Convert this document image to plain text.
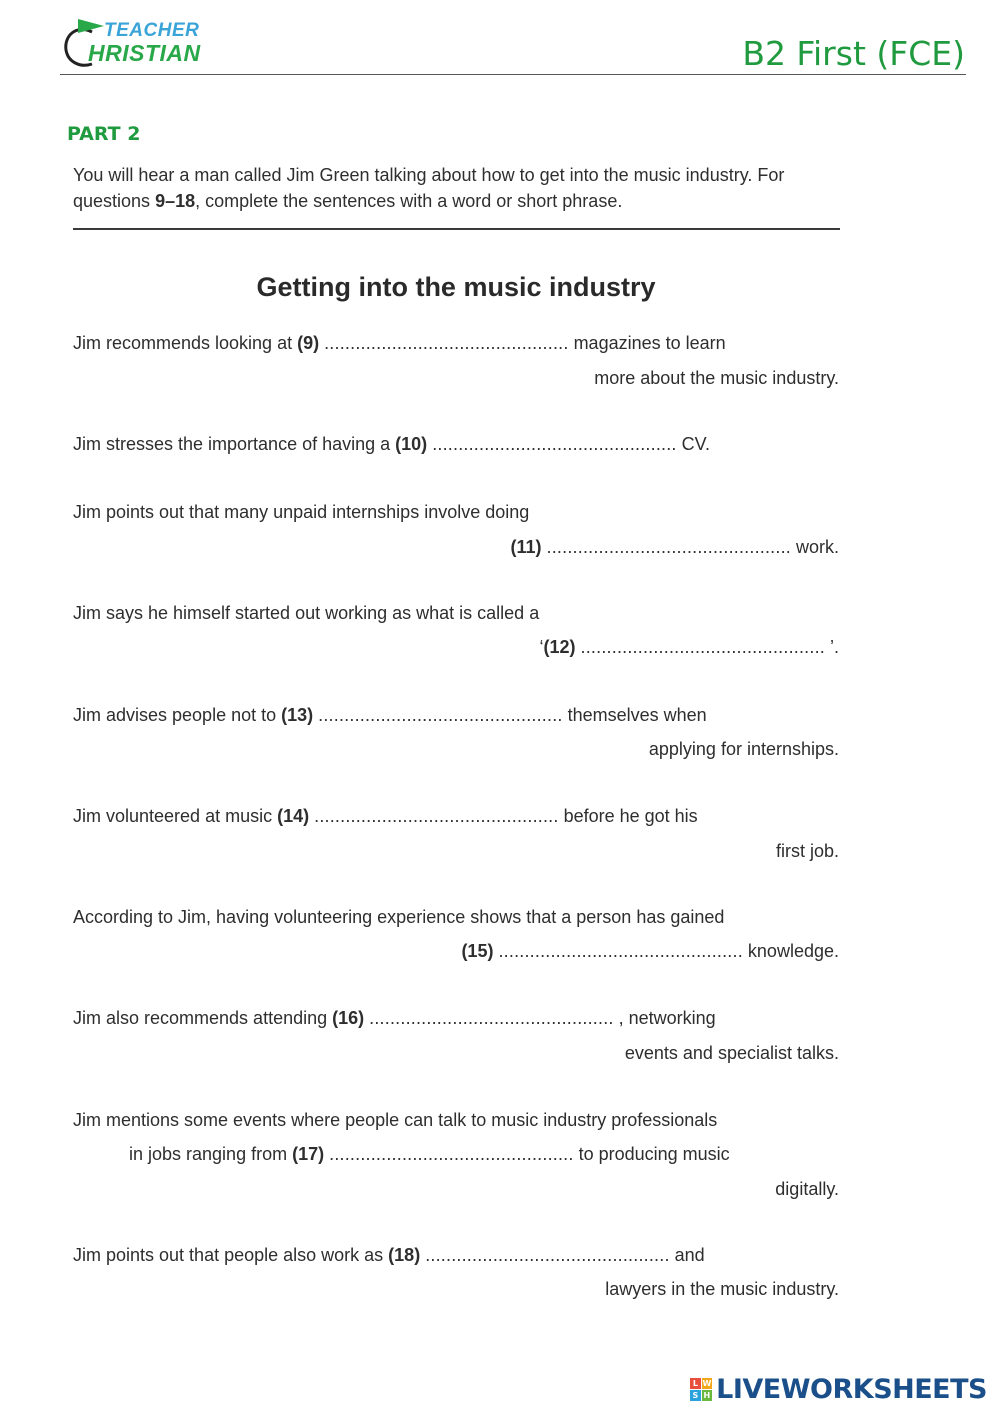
TEACHER
HRISTIAN	B2 First (FCE)
PART 2
You will hear a man called Jim Green talking about how to get into the music industry. For questions 9–18, complete the sentences with a word or short phrase.
Getting into the music industry
Jim recommends looking at (9) ............................................... magazines to learn
more about the music industry.
Jim stresses the importance of having a (10) ............................................... CV.
Jim points out that many unpaid internships involve doing
(11) ............................................... work.
Jim says he himself started out working as what is called a
‘(12) ............................................... ’.
Jim advises people not to (13) ............................................... themselves when
applying for internships.
Jim volunteered at music (14) ............................................... before he got his
first job.
According to Jim, having volunteering experience shows that a person has gained
(15) ............................................... knowledge.
Jim also recommends attending (16) ............................................... , networking
events and specialist talks.
Jim mentions some events where people can talk to music industry professionals
in jobs ranging from (17) ............................................... to producing music
digitally.
Jim points out that people also work as (18) ............................................... and
lawyers in the music industry.
L W
S H LIVEWORKSHEETS
